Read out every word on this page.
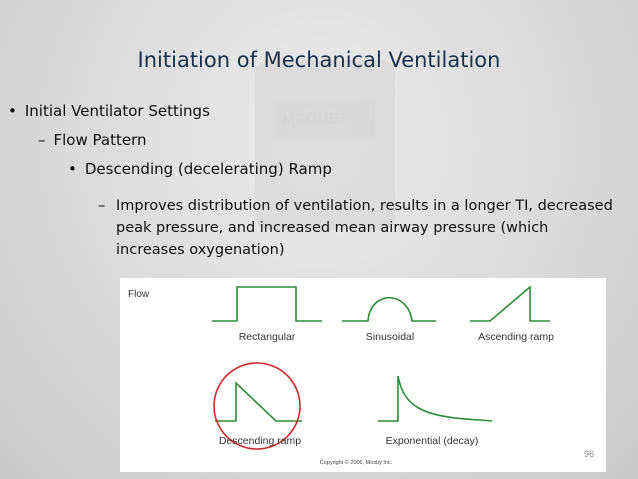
MAQUET
Initiation of Mechanical Ventilation
• Initial Ventilator Settings
– Flow Pattern
• Descending (decelerating) Ramp
– Improves distribution of ventilation, results in a longer TI, decreased peak pressure, and increased mean airway pressure (which increases oxygenation)
Flow
Rectangular	Sinusoidal	Ascending ramp
Descending ramp	Exponential (decay)
Copyright © 2006, Mosby Inc.
96
